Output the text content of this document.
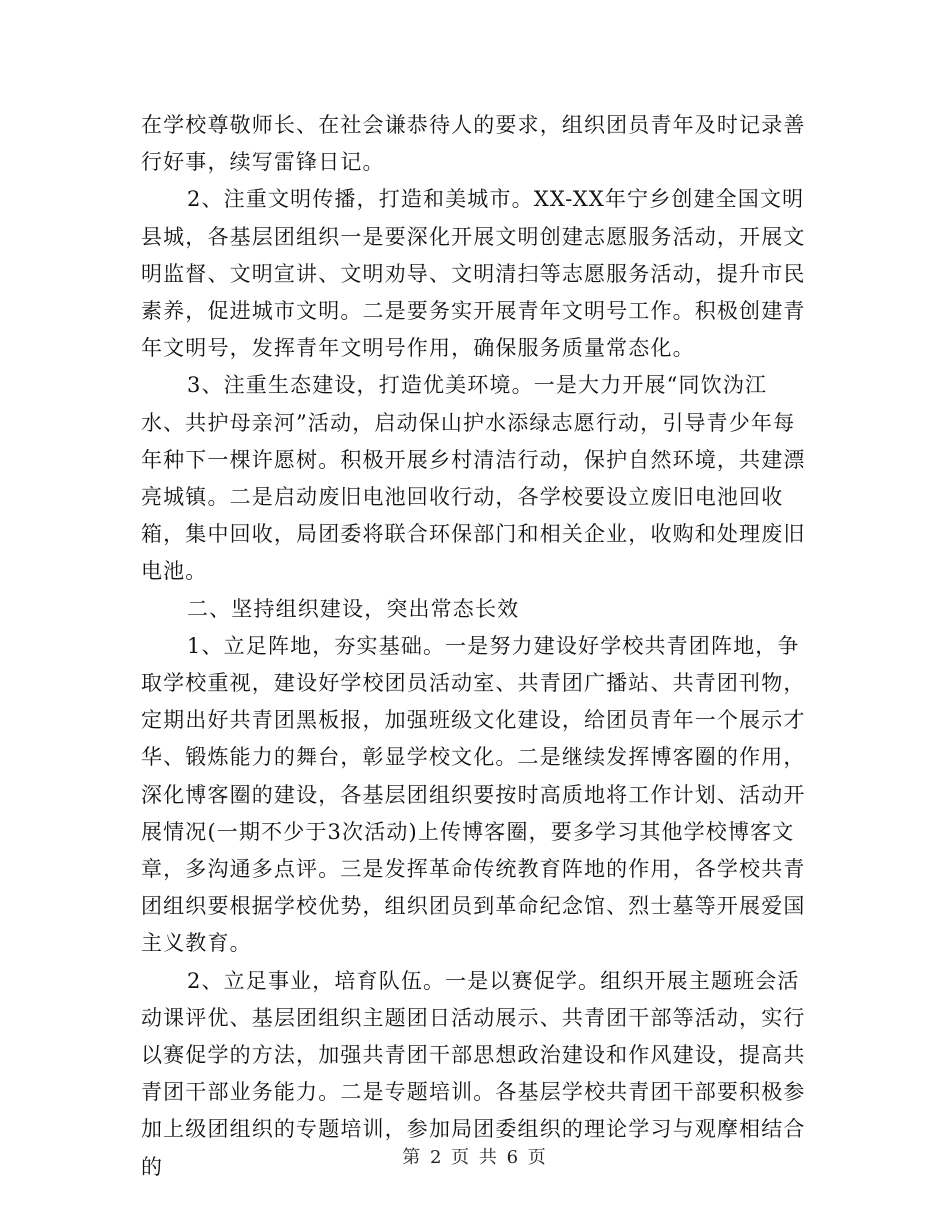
在学校尊敬师长、在社会谦恭待人的要求，组织团员青年及时记录善行好事，续写雷锋日记。

2、注重文明传播，打造和美城市。XX-XX年宁乡创建全国文明县城，各基层团组织一是要深化开展文明创建志愿服务活动，开展文明监督、文明宣讲、文明劝导、文明清扫等志愿服务活动，提升市民素养，促进城市文明。二是要务实开展青年文明号工作。积极创建青年文明号，发挥青年文明号作用，确保服务质量常态化。

3、注重生态建设，打造优美环境。一是大力开展“同饮沩江水、共护母亲河”活动，启动保山护水添绿志愿行动，引导青少年每年种下一棵许愿树。积极开展乡村清洁行动，保护自然环境，共建漂亮城镇。二是启动废旧电池回收行动，各学校要设立废旧电池回收箱，集中回收，局团委将联合环保部门和相关企业，收购和处理废旧电池。

二、坚持组织建设，突出常态长效

1、立足阵地，夯实基础。一是努力建设好学校共青团阵地，争取学校重视，建设好学校团员活动室、共青团广播站、共青团刊物，定期出好共青团黑板报，加强班级文化建设，给团员青年一个展示才华、锻炼能力的舞台，彰显学校文化。二是继续发挥博客圈的作用，深化博客圈的建设，各基层团组织要按时高质地将工作计划、活动开展情况(一期不少于3次活动)上传博客圈，要多学习其他学校博客文章，多沟通多点评。三是发挥革命传统教育阵地的作用，各学校共青团组织要根据学校优势，组织团员到革命纪念馆、烈士墓等开展爱国主义教育。

2、立足事业，培育队伍。一是以赛促学。组织开展主题班会活动课评优、基层团组织主题团日活动展示、共青团干部等活动，实行以赛促学的方法，加强共青团干部思想政治建设和作风建设，提高共青团干部业务能力。二是专题培训。各基层学校共青团干部要积极参加上级团组织的专题培训，参加局团委组织的理论学习与观摩相结合的	第 2 页 共 6 页
